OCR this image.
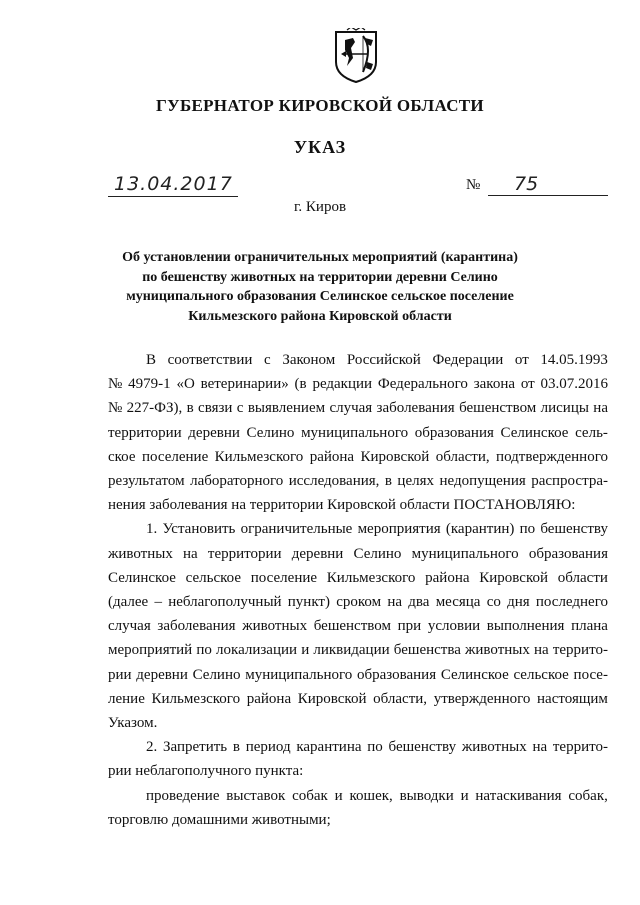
ГУБЕРНАТОР КИРОВСКОЙ ОБЛАСТИ
УКАЗ
13.04.2017	№ 75
г. Киров
Об установлении ограничительных мероприятий (карантина)
по бешенству животных на территории деревни Селино
муниципального образования Селинское сельское поселение
Кильмезского района Кировской области
В соответствии с Законом Российской Федерации от 14.05.1993
№ 4979-1 «О ветеринарии» (в редакции Федерального закона от 03.07.2016
№ 227-ФЗ), в связи с выявлением случая заболевания бешенством лисицы на
территории деревни Селино муниципального образования Селинское сель-
ское поселение Кильмезского района Кировской области, подтвержденного
результатом лабораторного исследования, в целях недопущения распростра-
нения заболевания на территории Кировской области ПОСТАНОВЛЯЮ:
1. Установить ограничительные мероприятия (карантин) по бешенству
животных на территории деревни Селино муниципального образования
Селинское сельское поселение Кильмезского района Кировской области
(далее – неблагополучный пункт) сроком на два месяца со дня последнего
случая заболевания животных бешенством при условии выполнения плана
мероприятий по локализации и ликвидации бешенства животных на террито-
рии деревни Селино муниципального образования Селинское сельское посе-
ление Кильмезского района Кировской области, утвержденного настоящим
Указом.
2. Запретить в период карантина по бешенству животных на террито-
рии неблагополучного пункта:
проведение выставок собак и кошек, выводки и натаскивания собак,
торговлю домашними животными;
